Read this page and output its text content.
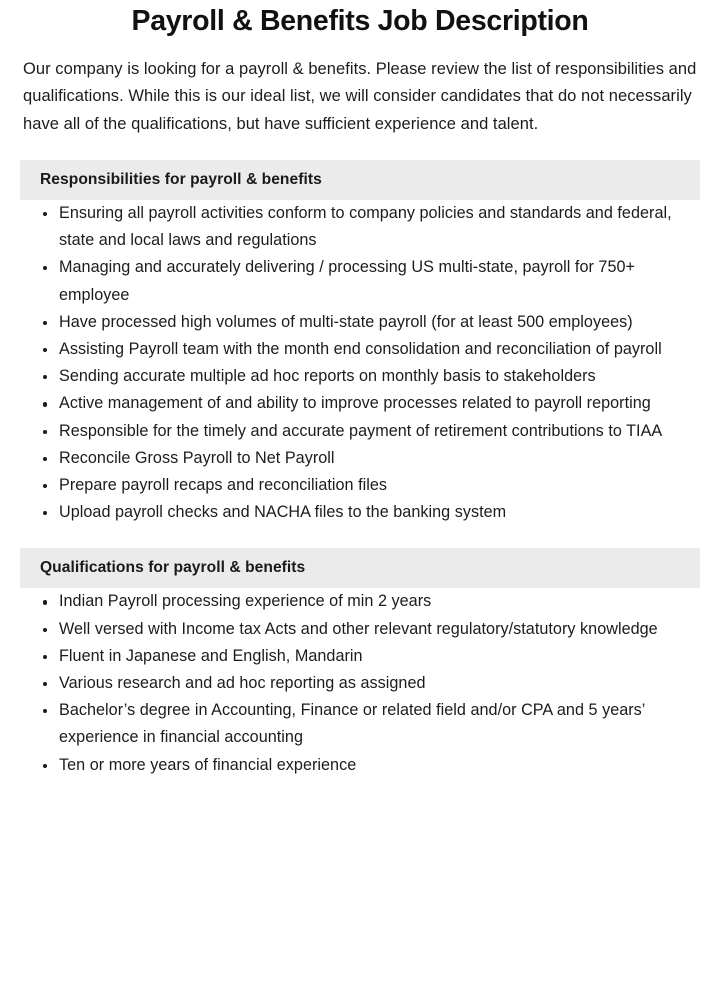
Payroll & Benefits Job Description

Our company is looking for a payroll & benefits. Please review the list of responsibilities and qualifications. While this is our ideal list, we will consider candidates that do not necessarily have all of the qualifications, but have sufficient experience and talent.

Responsibilities for payroll & benefits
Ensuring all payroll activities conform to company policies and standards and federal, state and local laws and regulations
Managing and accurately delivering / processing US multi-state, payroll for 750+ employee
Have processed high volumes of multi-state payroll (for at least 500 employees)
Assisting Payroll team with the month end consolidation and reconciliation of payroll
Sending accurate multiple ad hoc reports on monthly basis to stakeholders
Active management of and ability to improve processes related to payroll reporting
Responsible for the timely and accurate payment of retirement contributions to TIAA
Reconcile Gross Payroll to Net Payroll
Prepare payroll recaps and reconciliation files
Upload payroll checks and NACHA files to the banking system
Qualifications for payroll & benefits
Indian Payroll processing experience of min 2 years
Well versed with Income tax Acts and other relevant regulatory/statutory knowledge
Fluent in Japanese and English, Mandarin
Various research and ad hoc reporting as assigned
Bachelor’s degree in Accounting, Finance or related field and/or CPA and 5 years’ experience in financial accounting
Ten or more years of financial experience
